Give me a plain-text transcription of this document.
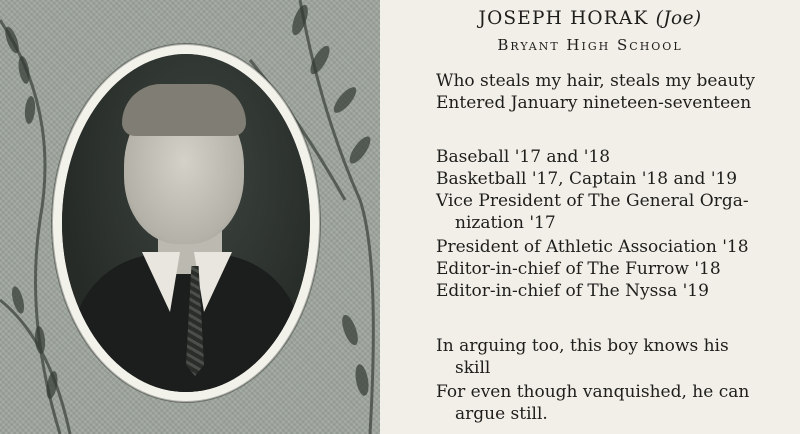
JOSEPH HORAK (Joe)
Bryant High School
Who steals my hair, steals my beauty
Entered January nineteen-seventeen
Baseball '17 and '18
Basketball '17, Captain '18 and '19
Vice President of The General Orga-
nization '17
President of Athletic Association '18
Editor-in-chief of The Furrow '18
Editor-in-chief of The Nyssa '19
In arguing too, this boy knows his
skill
For even though vanquished, he can
argue still.
